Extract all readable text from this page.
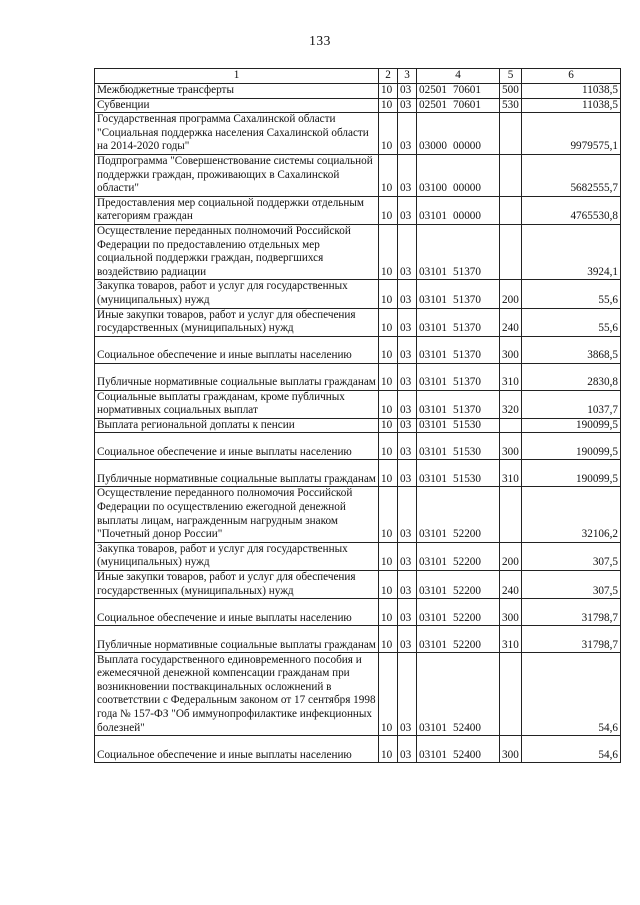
133
1	2	3	4	5	6
Межбюджетные трансферты	10	03	02501 70601	500	11038,5
Субвенции	10	03	02501 70601	530	11038,5
Государственная программа Сахалинской области "Социальная поддержка населения Сахалинской области на 2014-2020 годы"	10	03	03000 00000		9979575,1
Подпрограмма "Совершенствование системы социальной поддержки граждан, проживающих в Сахалинской области"	10	03	03100 00000		5682555,7
Предоставления мер социальной поддержки отдельным категориям граждан	10	03	03101 00000		4765530,8
Осуществление переданных полномочий Российской Федерации по предоставлению отдельных мер социальной поддержки граждан, подвергшихся воздействию радиации	10	03	03101 51370		3924,1
Закупка товаров, работ и услуг для государственных (муниципальных) нужд	10	03	03101 51370	200	55,6
Иные закупки товаров, работ и услуг для обеспечения государственных (муниципальных) нужд	10	03	03101 51370	240	55,6
Социальное обеспечение и иные выплаты населению	10	03	03101 51370	300	3868,5
Публичные нормативные социальные выплаты гражданам	10	03	03101 51370	310	2830,8
Социальные выплаты гражданам, кроме публичных нормативных социальных выплат	10	03	03101 51370	320	1037,7
Выплата региональной доплаты к пенсии	10	03	03101 51530		190099,5
Социальное обеспечение и иные выплаты населению	10	03	03101 51530	300	190099,5
Публичные нормативные социальные выплаты гражданам	10	03	03101 51530	310	190099,5
Осуществление переданного полномочия Российской Федерации по осуществлению ежегодной денежной выплаты лицам, награжденным нагрудным знаком "Почетный донор России"	10	03	03101 52200		32106,2
Закупка товаров, работ и услуг для государственных (муниципальных) нужд	10	03	03101 52200	200	307,5
Иные закупки товаров, работ и услуг для обеспечения государственных (муниципальных) нужд	10	03	03101 52200	240	307,5
Социальное обеспечение и иные выплаты населению	10	03	03101 52200	300	31798,7
Публичные нормативные социальные выплаты гражданам	10	03	03101 52200	310	31798,7
Выплата государственного единовременного пособия и ежемесячной денежной компенсации гражданам при возникновении поствакцинальных осложнений в соответствии с Федеральным законом от 17 сентября 1998 года № 157-ФЗ "Об иммунопрофилактике инфекционных болезней"	10	03	03101 52400		54,6
Социальное обеспечение и иные выплаты населению	10	03	03101 52400	300	54,6
